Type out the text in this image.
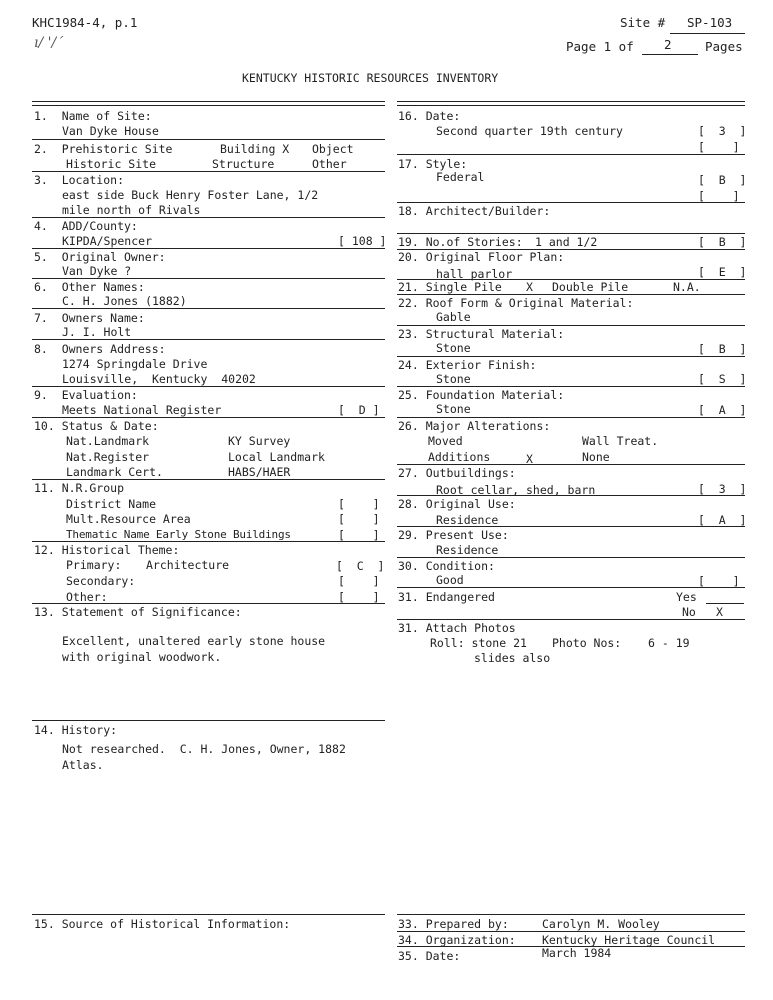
KHC1984-4, p.1
ı/ '/ˊ
Site # SP-103
Page 1 of 2	Pages
KENTUCKY HISTORIC RESOURCES INVENTORY
1.  Name of Site:
Van Dyke House
2.  Prehistoric Site	Building X Object
Historic Site	Structure	Other
3.  Location:
east side Buck Henry Foster Lane, 1/2
mile north of Rivals
4.  ADD/County:
KIPDA/Spencer	[ 108 ]
5.  Original Owner:
Van Dyke ?
6.  Other Names:
C. H. Jones (1882)
7.  Owners Name:
J. I. Holt
8.  Owners Address:
1274 Springdale Drive
Louisville,  Kentucky  40202
9.  Evaluation:
Meets National Register	[  D ]
10. Status & Date:
Nat.Landmark	KY Survey
Nat.Register	Local Landmark
Landmark Cert.	HABS/HAER
11. N.R.Group
District Name	[    ]
Mult.Resource Area	[    ]
Thematic Name Early Stone Buildings	[    ]
12. Historical Theme:
Primary: Architecture	[  C  ]
Secondary:	[    ]
Other:	[    ]
13. Statement of Significance:
Excellent, unaltered early stone house
with original woodwork.
14. History:
Not researched.  C. H. Jones, Owner, 1882
Atlas.
15. Source of Historical Information:
16. Date:
Second quarter 19th century	[  3  ]
[    ]
17. Style:
Federal	[  B  ]
[    ]
18. Architect/Builder:
19. No.of Stories: 1 and 1/2	[  B  ]
20. Original Floor Plan:
hall parlor	[  E  ]
21. Single Pile X Double Pile	N.A.
22. Roof Form & Original Material:
Gable
23. Structural Material:
Stone	[  B  ]
24. Exterior Finish:
Stone	[  S  ]
25. Foundation Material:
Stone	[  A  ]
26. Major Alterations:
Moved	Wall Treat.
Additions	X	None
27. Outbuildings:
Root cellar, shed, barn	[  3  ]
28. Original Use:
Residence	[  A  ]
29. Present Use:
Residence
30. Condition:
Good	[    ]
31. Endangered	Yes
No X
31. Attach Photos
Roll: stone 21 Photo Nos: 6 - 19
slides also
33. Prepared by:	Carolyn M. Wooley
34. Organization: Kentucky Heritage Council
35. Date:	March 1984
